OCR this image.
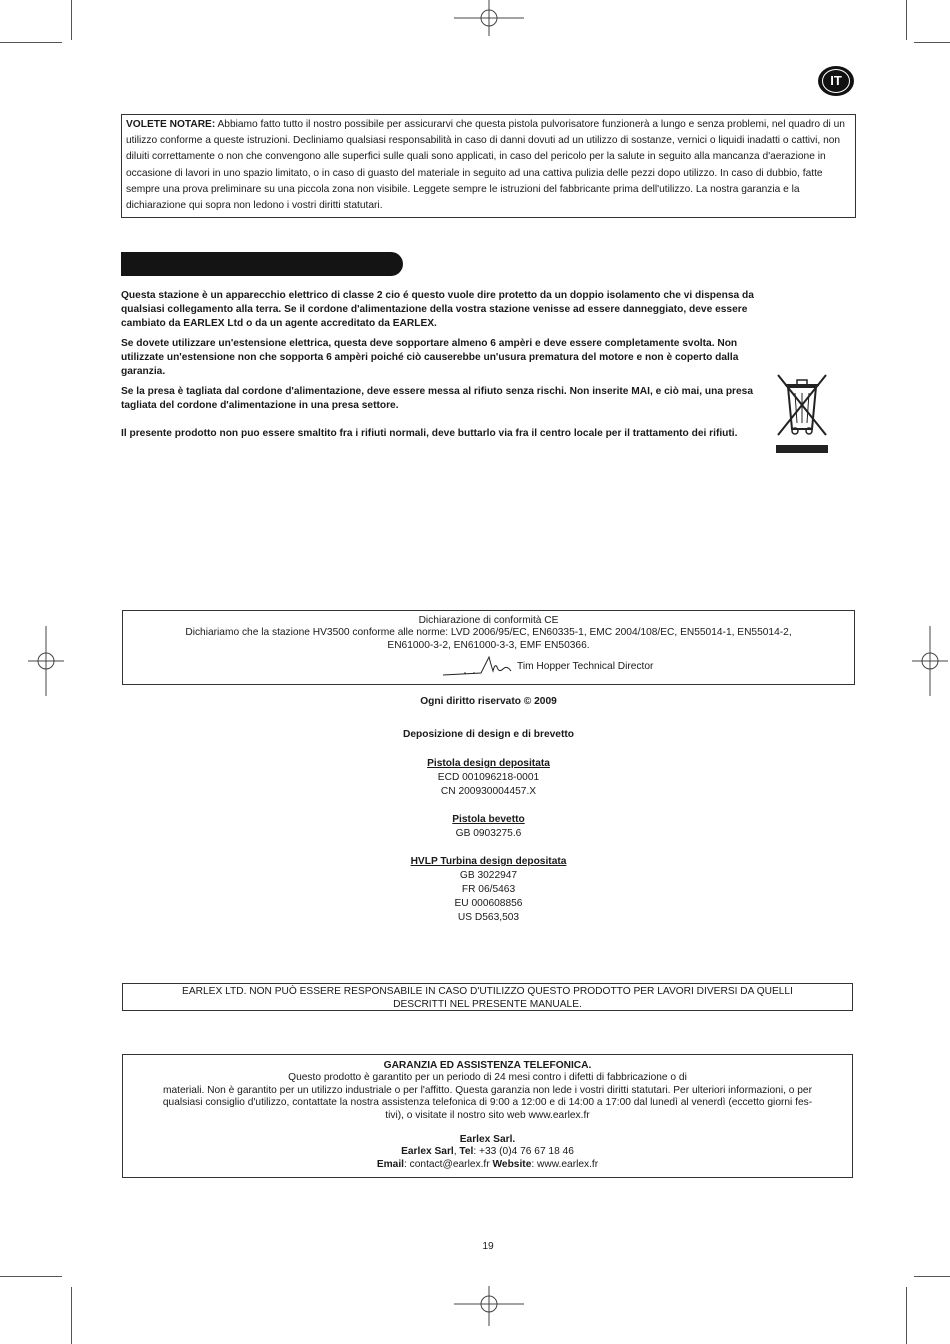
IT
VOLETE NOTARE: Abbiamo fatto tutto il nostro possibile per assicurarvi che questa pistola pulvorisatore funzionerà a lungo e senza problemi, nel quadro di un utilizzo conforme a queste istruzioni. Decliniamo qualsiasi responsabilità in caso di danni dovuti ad un utilizzo di sostanze, vernici o liquidi inadatti o cattivi, non diluiti correttamente o non che convengono alle superfici sulle quali sono applicati, in caso del pericolo per la salute in seguito alla mancanza d'aerazione in occasione di lavori in uno spazio limitato, o in caso di guasto del materiale in seguito ad una cattiva pulizia delle pezzi dopo utilizzo. In caso di dubbio, fatte sempre una prova preliminare su una piccola zona non visibile. Leggete sempre le istruzioni del fabbricante prima dell'utilizzo. La nostra garanzia e la dichiarazione qui sopra non ledono i vostri diritti statutari.
Questa stazione è un apparecchio elettrico di classe 2 cio é questo vuole dire protetto da un doppio isolamento che vi dispensa da qualsiasi collegamento alla terra. Se il cordone d'alimentazione della vostra stazione venisse ad essere danneggiato, deve essere cambiato da EARLEX Ltd o da un agente accreditato da EARLEX.
Se dovete utilizzare un'estensione elettrica, questa deve sopportare almeno 6 ampèri e deve essere completamente svolta. Non utilizzate un'estensione non che sopporta 6 ampèri poiché ciò causerebbe un'usura prematura del motore e non è coperto dalla garanzia.
Se la presa è tagliata dal cordone d'alimentazione, deve essere messa al rifiuto senza rischi. Non inserite MAI, e ciò mai, una presa tagliata del cordone d'alimentazione in una presa settore.
Il presente prodotto non puo essere smaltito fra i rifiuti normali, deve buttarlo via fra il centro locale per il trattamento dei rifiuti.
Dichiarazione di conformità CE
Dichiariamo che la stazione HV3500 conforme alle norme: LVD 2006/95/EC, EN60335-1, EMC 2004/108/EC, EN55014-1, EN55014-2,
EN61000-3-2, EN61000-3-3, EMF EN50366.
Tim Hopper Technical Director
Ogni diritto riservato © 2009
Deposizione di design e di brevetto
Pistola design depositata
ECD 001096218-0001
CN 200930004457.X
Pistola bevetto
GB 0903275.6
HVLP Turbina design depositata
GB 3022947
FR 06/5463
EU 000608856
US D563,503
EARLEX LTD. NON PUÒ ESSERE RESPONSABILE IN CASO D'UTILIZZO QUESTO PRODOTTO PER LAVORI DIVERSI DA QUELLI
DESCRITTI NEL PRESENTE MANUALE.
GARANZIA ED ASSISTENZA TELEFONICA.
Questo prodotto è garantito per un periodo di 24 mesi contro i difetti di fabbricazione o di
materiali. Non è garantito per un utilizzo industriale o per l'affitto. Questa garanzia non lede i vostri diritti statutari. Per ulteriori informazioni, o per
qualsiasi consiglio d'utilizzo, contattate la nostra assistenza telefonica di 9:00 a 12:00 e di 14:00 a 17:00 dal lunedì al venerdì (eccetto giorni fes-
tivi), o visitate il nostro sito web www.earlex.fr
Earlex Sarl.
Earlex Sarl, Tel: +33 (0)4 76 67 18 46
Email: contact@earlex.fr Website: www.earlex.fr
19
